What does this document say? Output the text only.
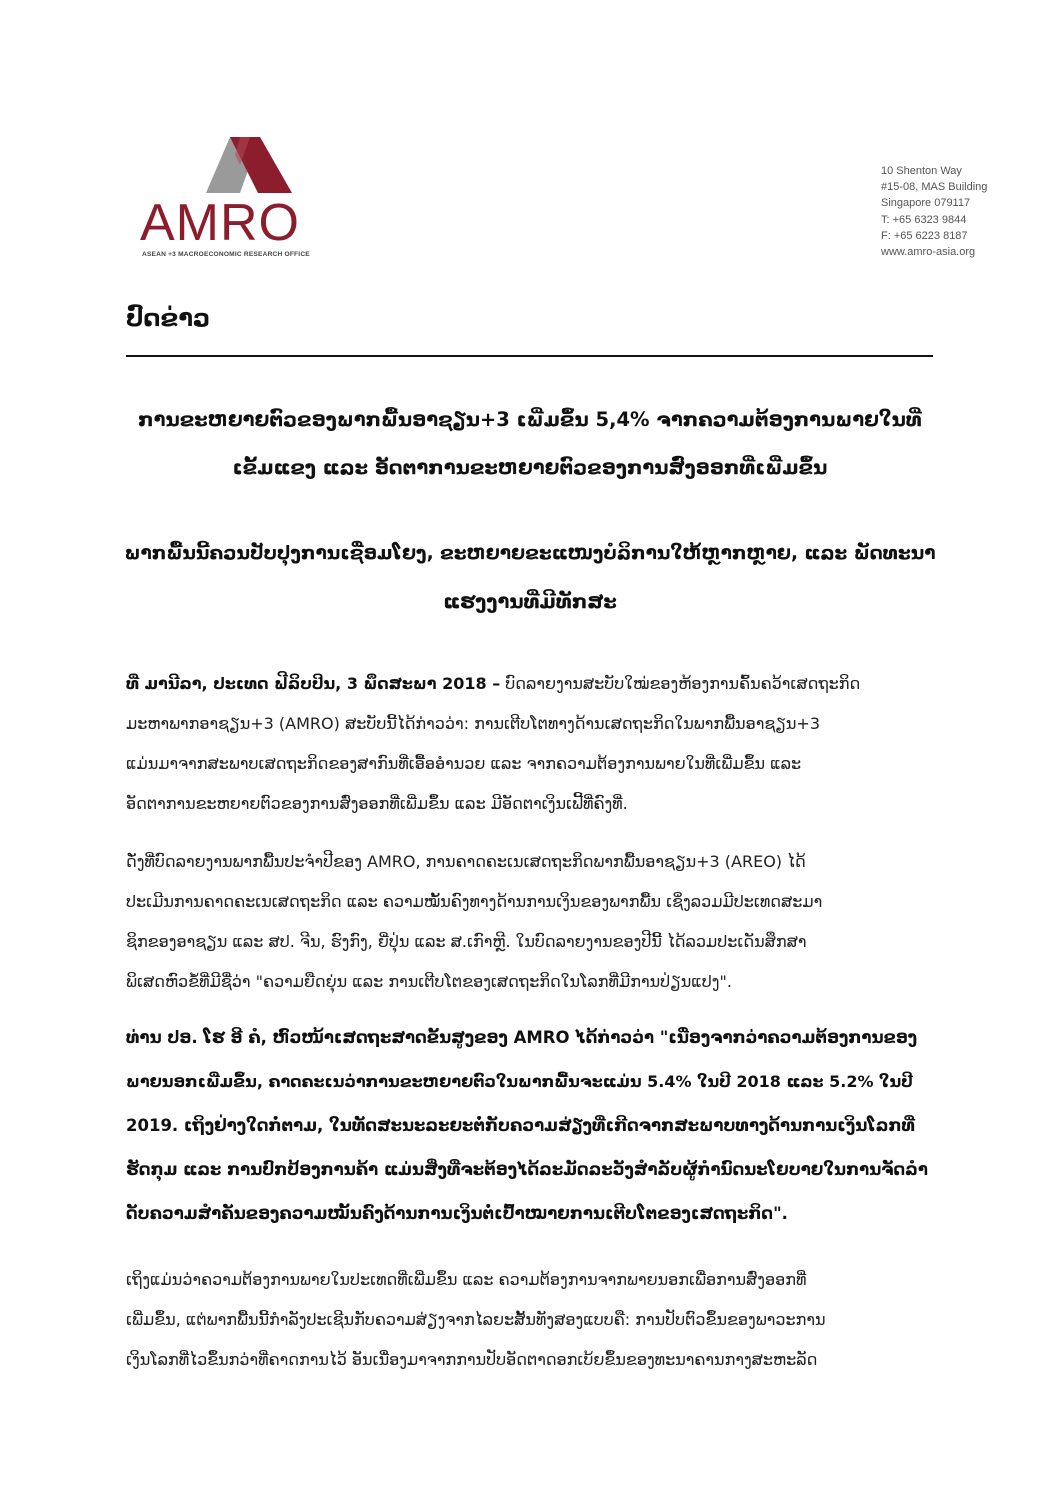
AMRO
ASEAN +3 MACROECONOMIC RESEARCH OFFICE
10 Shenton Way
#15-08, MAS Building
Singapore 079117
T: +65 6323 9844
F: +65 6223 8187
www.amro-asia.org
ປົດຂ່າວ
ການຂະຫຍາຍຕົວຂອງພາກພື້ນອາຊຽນ+3 ເພີ່ມຂຶ້ນ 5,4% ຈາກຄວາມຕ້ອງການພາຍໃນທີ່
ເຂັ້ມແຂງ ແລະ ອັດຕາການຂະຫຍາຍຕົວຂອງການສົ່ງອອກທີ່ເພີ່ມຂຶ້ນ
ພາກພື້ນນີ້ຄວນປັບປຸງການເຊື່ອມໂຍງ, ຂະຫຍາຍຂະແໜງບໍລິການໃຫ້ຫຼາກຫຼາຍ, ແລະ ພັດທະນາ
ແຮງງານທີ່ມີທັກສະ
ທີ່ ມານີລາ, ປະເທດ ຟີລິບປິນ, 3 ພຶດສະພາ 2018 – ບົດລາຍງານສະບັບໃໝ່ຂອງຫ້ອງການຄົ້ນຄວ້າເສດຖະກິດ
ມະຫາພາກອາຊຽນ+3 (AMRO) ສະບັບນີ້ໄດ້ກ່າວວ່າ: ການເຕີບໂຕທາງດ້ານເສດຖະກິດໃນພາກພື້ນອາຊຽນ+3
ແມ່ນມາຈາກສະພາບເສດຖະກິດຂອງສາກົນທີ່ເອື້ອອໍານວຍ ແລະ ຈາກຄວາມຕ້ອງການພາຍໃນທີ່ເພີ່ມຂຶ້ນ ແລະ
ອັດຕາການຂະຫຍາຍຕົວຂອງການສົ່ງອອກທີ່ເພີ່ມຂຶ້ນ ແລະ ມີອັດຕາເງິນເຟີ້ທີ່ຄົງທີ່.
ດັ່ງທີ່ບົດລາຍງານພາກພື້ນປະຈໍາປີຂອງ AMRO, ການຄາດຄະເນເສດຖະກິດພາກພື້ນອາຊຽນ+3 (AREO) ໄດ້
ປະເມີນການຄາດຄະເນເສດຖະກິດ ແລະ ຄວາມໝັ້ນຄົງທາງດ້ານການເງິນຂອງພາກພື້ນ ເຊິ່ງລວມມີປະເທດສະມາ
ຊິກຂອງອາຊຽນ ແລະ ສປ. ຈີນ, ຮົງກົງ, ຍີ່ປຸ່ນ ແລະ ສ.ເກົາຫຼີ. ໃນບົດລາຍງານຂອງປີນີ້ ໄດ້ລວມປະເດັນສຶກສາ
ພິເສດຫົວຂໍ້ທີ່ມີຊື່ວ່າ "ຄວາມຍືດຍຸ່ນ ແລະ ການເຕີບໂຕຂອງເສດຖະກິດໃນໂລກທີ່ມີການປ່ຽນແປງ".
ທ່ານ ປອ. ໂຮ ອີ ຄໍ, ຫົວໜ້າເສດຖະສາດຂັ້ນສູງຂອງ AMRO ໄດ້ກ່າວວ່າ "ເນື່ອງຈາກວ່າຄວາມຕ້ອງການຂອງ
ພາຍນອກເພີ່ມຂຶ້ນ, ຄາດຄະເນວ່າການຂະຫຍາຍຕົວໃນພາກພື້ນຈະແມ່ນ 5.4% ໃນປີ 2018 ແລະ 5.2% ໃນປີ
2019. ເຖິງຢ່າງໃດກໍ່ຕາມ, ໃນທັດສະນະລະຍະຕໍ່ກັບຄວາມສ່ຽງທີ່ເກີດຈາກສະພາບທາງດ້ານການເງິນໂລກທີ່
ຮັດກຸມ ແລະ ການປົກປ້ອງການຄ້າ ແມ່ນສິ່ງທີ່ຈະຕ້ອງໄດ້ລະມັດລະວັງສໍາລັບຜູ້ກໍານົດນະໂຍບາຍໃນການຈັດລໍາ
ດັບຄວາມສໍາຄັນຂອງຄວາມໝັ້ນຄົງດ້ານການເງິນຕໍ່ເປົ້າໝາຍການເຕີບໂຕຂອງເສດຖະກິດ".
ເຖິງແມ່ນວ່າຄວາມຕ້ອງການພາຍໃນປະເທດທີ່ເພີ່ມຂຶ້ນ ແລະ ຄວາມຕ້ອງການຈາກພາຍນອກເພື່ອການສົ່ງອອກທີ່
ເພີ່ມຂຶ້ນ, ແຕ່ພາກພື້ນນີ້ກໍາລັງປະເຊີນກັບຄວາມສ່ຽງຈາກໄລຍະສັ້ນທັງສອງແບບຄື: ການປັບຕົວຂຶ້ນຂອງພາວະການ
ເງິນໂລກທີ່ໄວຂຶ້ນກວ່າທີ່ຄາດການໄວ້ ອັນເນື່ອງມາຈາກການປັບອັດຕາດອກເບ້ຍຂຶ້ນຂອງທະນາຄານກາງສະຫະລັດ
